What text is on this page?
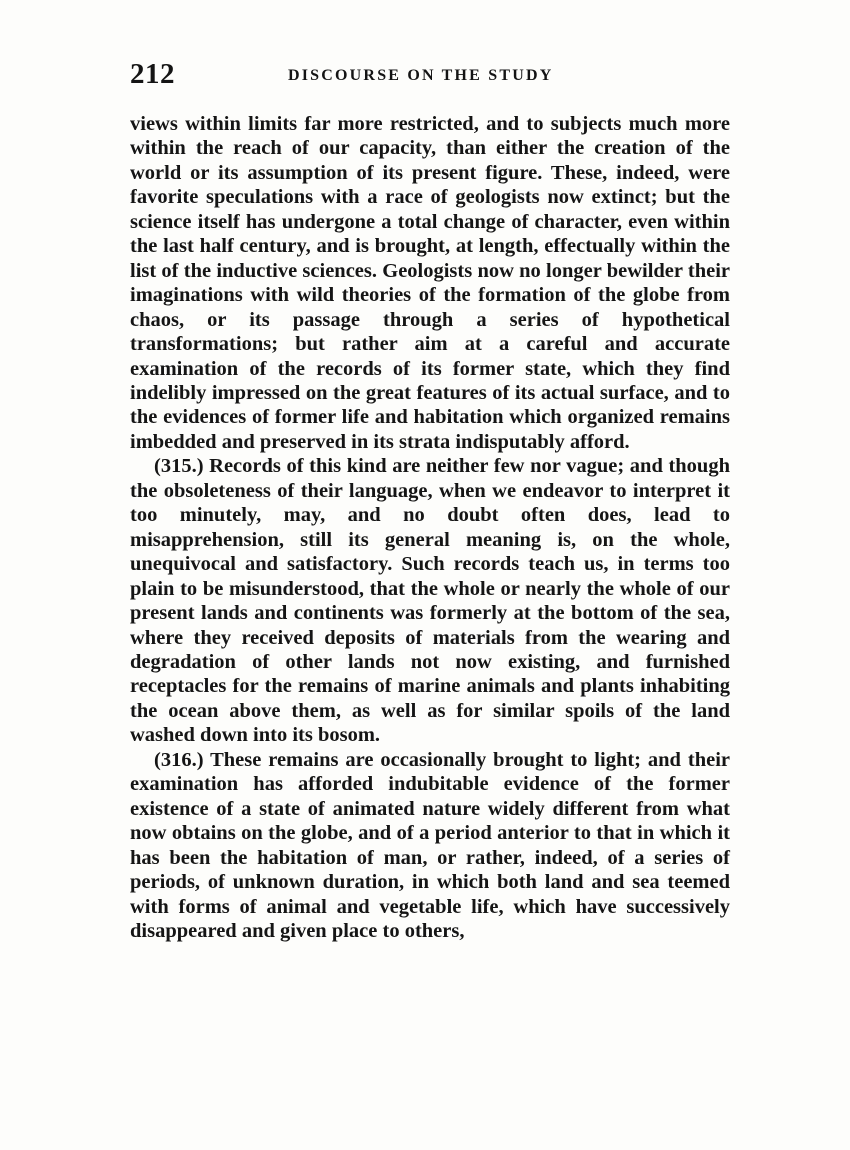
212	DISCOURSE ON THE STUDY

views within limits far more restricted, and to subjects much more within the reach of our capacity, than either the creation of the world or its assumption of its present figure. These, indeed, were favorite speculations with a race of geologists now extinct; but the science itself has undergone a total change of character, even within the last half century, and is brought, at length, effectually within the list of the inductive sciences. Geologists now no longer bewilder their imaginations with wild theories of the formation of the globe from chaos, or its passage through a series of hypothetical transformations; but rather aim at a careful and accurate examination of the records of its former state, which they find indelibly impressed on the great features of its actual surface, and to the evidences of former life and habitation which organized remains imbedded and preserved in its strata indisputably afford.

(315.) Records of this kind are neither few nor vague; and though the obsoleteness of their language, when we endeavor to interpret it too minutely, may, and no doubt often does, lead to misapprehension, still its general meaning is, on the whole, unequivocal and satisfactory. Such records teach us, in terms too plain to be misunderstood, that the whole or nearly the whole of our present lands and continents was formerly at the bottom of the sea, where they received deposits of materials from the wearing and degradation of other lands not now existing, and furnished receptacles for the remains of marine animals and plants inhabiting the ocean above them, as well as for similar spoils of the land washed down into its bosom.

(316.) These remains are occasionally brought to light; and their examination has afforded indubitable evidence of the former existence of a state of animated nature widely different from what now obtains on the globe, and of a period anterior to that in which it has been the habitation of man, or rather, indeed, of a series of periods, of unknown duration, in which both land and sea teemed with forms of animal and vegetable life, which have successively disappeared and given place to others,
